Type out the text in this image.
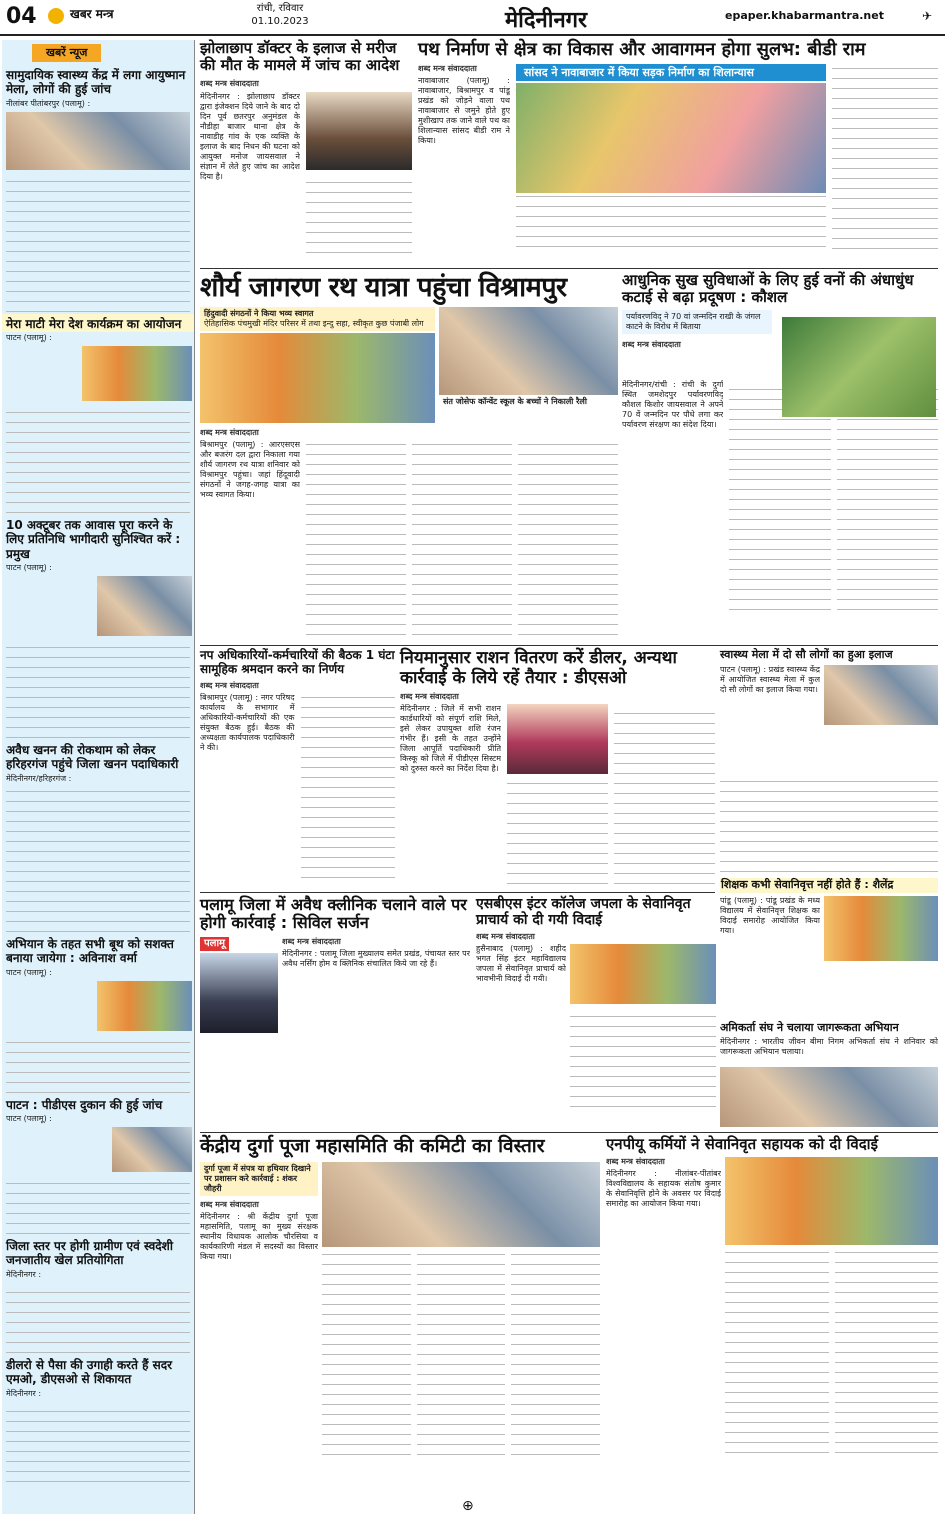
04	खबर मन्त्र	रांची, रविवार
01.10.2023	मेदिनीनगर	epaper.khabarmantra.net	✈
खबरें न्यूज
सामुदायिक स्वास्थ्य केंद्र में लगा आयुष्मान मेला, लोगों की हुई जांच
नीलांबर पीतांबरपुर (पलामू) :
मेरा माटी मेरा देश कार्यक्रम का आयोजन
पाटन (पलामू) :
10 अक्टूबर तक आवास पूरा करने के लिए प्रतिनिधि भागीदारी सुनिश्चित करें : प्रमुख
पाटन (पलामू) :
अवैध खनन की रोकथाम को लेकर हरिहरगंज पहुंचे जिला खनन पदाधिकारी
मेदिनीनगर/हरिहरगंज :
अभियान के तहत सभी बूथ को सशक्त बनाया जायेगा : अविनाश वर्मा
पाटन (पलामू) :
पाटन : पीडीएस दुकान की हुई जांच
पाटन (पलामू) :
जिला स्तर पर होगी ग्रामीण एवं स्वदेशी जनजातीय खेल प्रतियोगिता
मेदिनीनगर :
डीलरो से पैसा की उगाही करते हैं सदर एमओ, डीएसओ से शिकायत
मेदिनीनगर :
झोलाछाप डॉक्टर के इलाज से मरीज की मौत के मामले में जांच का आदेश
शब्द मन्त्र संवाददाता
मेदिनीनगर : झोलाछाप डॉक्टर द्वारा इंजेक्शन दिये जाने के बाद दो दिन पूर्व छतरपुर अनुमंडल के नौडीहा बाजार थाना क्षेत्र के नावाडीह गांव के एक व्यक्ति के इलाज के बाद निधन की घटना को आयुक्त मनोज जायसवाल ने संज्ञान में लेते हुए जांच का आदेश दिया है।
पथ निर्माण से क्षेत्र का विकास और आवागमन होगा सुलभ: बीडी राम
शब्द मन्त्र संवाददाता
नावाबाजार (पलामू) : नावाबाजार, बिश्रामपुर व पांडू प्रखंड को जोड़ने वाला पथ नावाबाजार से जमुने होते हुए मुशीखाप तक जाने वाले पथ का शिलान्यास सांसद बीडी राम ने किया।
सांसद ने नावाबाजार में किया सड़क निर्माण का शिलान्यास
शौर्य जागरण रथ यात्रा पहुंचा विश्रामपुर
हिंदुवादी संगठनों ने किया भव्य स्वागत
ऐतिहासिक पंचमुखी मंदिर परिसर में तथा इन्दु सहा, स्वीकृत कुछ पंजाबी लोग
संत जोसेफ कॉन्वेंट स्कूल के बच्चों ने निकाली रैली
शब्द मन्त्र संवाददाता
बिश्रामपुर (पलामू) : आरएसएस और बजरंग दल द्वारा निकाला गया शौर्य जागरण रथ यात्रा शनिवार को विश्रामपुर पहुंचा। जहां हिंदूवादी संगठनों ने जगह-जगह यात्रा का भव्य स्वागत किया।
आधुनिक सुख सुविधाओं के लिए हुई वनों की अंधाधुंध कटाई से बढ़ा प्रदूषण : कौशल
पर्यावरणविद् ने 70 वां जन्मदिन राखी के जंगल काटने के विरोध में बिताया
शब्द मन्त्र संवाददाता
मेदिनीनगर/रांची : रांची के दुर्गा स्थित जमशेदपुर पर्यावरणविद् कौशल किशोर जायसवाल ने अपने 70 वें जन्मदिन पर पौधे लगा कर पर्यावरण संरक्षण का संदेश दिया।
नप अधिकारियों-कर्मचारियों की बैठक 1 घंटा सामूहिक श्रमदान करने का निर्णय
शब्द मन्त्र संवाददाता
बिश्रामपुर (पलामू) : नगर परिषद कार्यालय के सभागार में अधिकारियों-कर्मचारियों की एक संयुक्त बैठक हुई। बैठक की अध्यक्षता कार्यपालक पदाधिकारी ने की।
नियमानुसार राशन वितरण करें डीलर, अन्यथा कार्रवाई के लिये रहें तैयार : डीएसओ
शब्द मन्त्र संवाददाता
मेदिनीनगर : जिले में सभी राशन कार्डधारियों को संपूर्ण राशि मिले, इसे लेकर उपायुक्त शशि रंजन गंभीर हैं। इसी के तहत उन्होंने जिला आपूर्ति पदाधिकारी प्रीति किस्कू को जिले में पीडीएस सिस्टम को दुरुस्त करने का निर्देश दिया है।
स्वास्थ्य मेला में दो सौ लोगों का हुआ इलाज
पाटन (पलामू) : प्रखंड स्वास्थ्य केंद्र में आयोजित स्वास्थ्य मेला में कुल दो सौ लोगों का इलाज किया गया।
शिक्षक कभी सेवानिवृत्त नहीं होते हैं : शैलेंद्र
पांडू (पलामू) : पांडू प्रखंड के मध्य विद्यालय में सेवानिवृत्त शिक्षक का विदाई समारोह आयोजित किया गया।
अमिकर्ता संघ ने चलाया जागरूकता अभियान
मेदिनीनगर : भारतीय जीवन बीमा निगम अभिकर्ता संघ ने शनिवार को जागरूकता अभियान चलाया।
पलामू जिला में अवैध क्लीनिक चलाने वाले पर होगी कार्रवाई : सिविल सर्जन
पलामू	शब्द मन्त्र संवाददाता
मेदिनीनगर : पलामू जिला मुख्यालय समेत प्रखंड, पंचायत स्तर पर अवैध नर्सिंग होम व क्लिनिक संचालित किये जा रहे हैं।
एसबीएस इंटर कॉलेज जपला के सेवानिवृत प्राचार्य को दी गयी विदाई
शब्द मन्त्र संवाददाता
हुसैनाबाद (पलामू) : शहीद भगत सिंह इंटर महाविद्यालय जपला में सेवानिवृत प्राचार्य को भावभीनी विदाई दी गयी।
केंद्रीय दुर्गा पूजा महासमिति की कमिटी का विस्तार
दुर्गा पूजा में संपत्र या हथियार दिखाने पर प्रशासन करे कार्रवाई : शंकर जौहरी
शब्द मन्त्र संवाददाता
मेदिनीनगर : श्री केंद्रीय दुर्गा पूजा महासमिति, पलामू का मुख्य संरक्षक स्थानीय विधायक आलोक चौरसिया व कार्यकारिणी मंडल में सदस्यों का विस्तार किया गया।
एनपीयू कर्मियों ने सेवानिवृत सहायक को दी विदाई
शब्द मन्त्र संवाददाता
मेदिनीनगर : नीलांबर-पीतांबर विश्वविद्यालय के सहायक संतोष कुमार के सेवानिवृत्ति होने के अवसर पर विदाई समारोह का आयोजन किया गया।
⊕
